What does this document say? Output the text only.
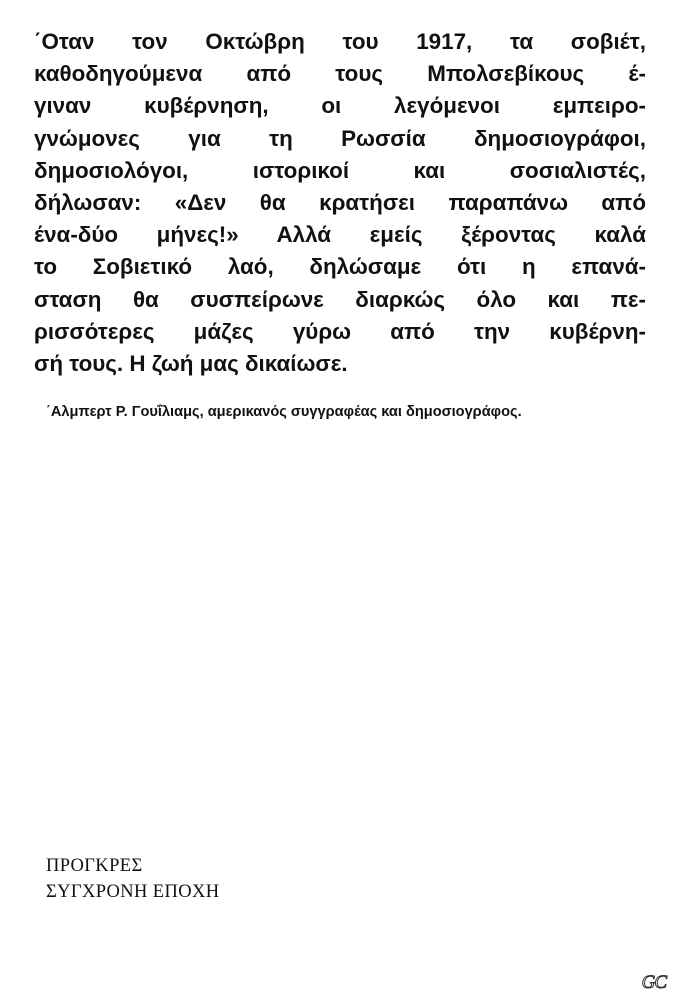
΄Οταν τον Οκτώβρη του 1917, τα σοβιέτ,
καθοδηγούμενα από τους Μπολσεβίκους έ-
γιναν κυβέρνηση, οι λεγόμενοι εμπειρο-
γνώμονες για τη Ρωσσία δημοσιογράφοι,
δημοσιολόγοι, ιστορικοί και σοσιαλιστές,
δήλωσαν: «Δεν θα κρατήσει παραπάνω από
ένα-δύο μήνες!» Αλλά εμείς ξέροντας καλά
το Σοβιετικό λαό, δηλώσαμε ότι η επανά-
σταση θα συσπείρωνε διαρκώς όλο και πε-
ρισσότερες μάζες γύρω από την κυβέρνη-
σή τους. Η ζωή μας δικαίωσε.
΄Αλμπερτ Ρ. Γουΐλιαμς, αμερικανός συγγραφέας και δημοσιογράφος.
ΠΡΟΓΚΡΕΣ
ΣΥΓΧΡΟΝΗ ΕΠΟΧΗ
GC
